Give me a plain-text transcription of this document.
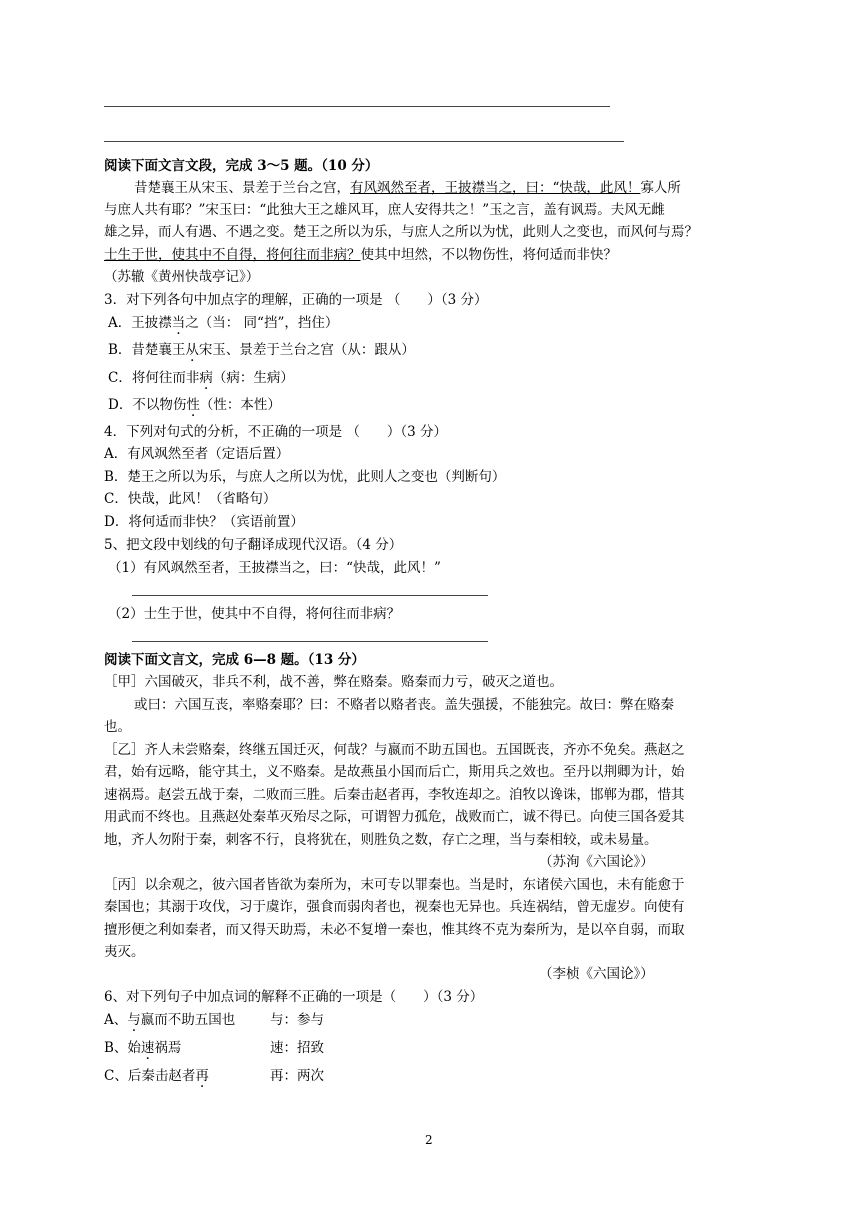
阅读下面文言文段，完成 3～5 题。（10 分）
昔楚襄王从宋玉、景差于兰台之宫，有风飒然至者，王披襟当之，曰：“快哉，此风！寡人所
与庶人共有耶？”宋玉曰：“此独大王之雄风耳，庶人安得共之！”玉之言，盖有讽焉。夫风无雌
雄之异，而人有遇、不遇之变。楚王之所以为乐，与庶人之所以为忧，此则人之变也，而风何与焉？
士生于世，使其中不自得，将何往而非病？使其中坦然，不以物伤性，将何适而非快？
（苏辙《黄州快哉亭记》）
3．对下列各句中加点字的理解，正确的一项是 （　　）（3 分）
A．王披襟当之（当： 同“挡”，挡住）
B．昔楚襄王从宋玉、景差于兰台之宫（从：跟从）
C．将何往而非病（病：生病）
D．不以物伤性（性：本性）
4．下列对句式的分析，不正确的一项是 （　　）（3 分）
A．有风飒然至者（定语后置）
B．楚王之所以为乐，与庶人之所以为忧，此则人之变也（判断句）
C．快哉，此风！（省略句）
D．将何适而非快？（宾语前置）
5、把文段中划线的句子翻译成现代汉语。（4 分）
（1）有风飒然至者，王披襟当之，曰：“快哉，此风！”
（2）士生于世，使其中不自得，将何往而非病？
阅读下面文言文，完成 6—8 题。（13 分）
［甲］六国破灭，非兵不利，战不善，弊在赂秦。赂秦而力亏，破灭之道也。
或曰：六国互丧，率赂秦耶？曰：不赂者以赂者丧。盖失强援，不能独完。故曰：弊在赂秦
也。
［乙］齐人未尝赂秦，终继五国迁灭，何哉？与嬴而不助五国也。五国既丧，齐亦不免矣。燕赵之
君，始有远略，能守其土，义不赂秦。是故燕虽小国而后亡，斯用兵之效也。至丹以荆卿为计，始
速祸焉。赵尝五战于秦，二败而三胜。后秦击赵者再，李牧连却之。洎牧以谗诛，邯郸为郡，惜其
用武而不终也。且燕赵处秦革灭殆尽之际，可谓智力孤危，战败而亡，诚不得已。向使三国各爱其
地，齐人勿附于秦，刺客不行，良将犹在，则胜负之数，存亡之理，当与秦相较，或未易量。
（苏洵《六国论》）
［丙］以余观之，彼六国者皆欲为秦所为，末可专以罪秦也。当是时，东诸侯六国也，未有能愈于
秦国也；其溺于攻伐，习于虞诈，强食而弱肉者也，视秦也无异也。兵连祸结，曾无虚岁。向使有
擅形便之利如秦者，而又得天助焉，未必不复增一秦也，惟其终不克为秦所为，是以卒自弱，而取
夷灭。
（李桢《六国论》）
6、对下列句子中加点词的解释不正确的一项是（　　）（3 分）
A、与嬴而不助五国也	与：参与
B、始速祸焉	速：招致
C、后秦击赵者再	再：两次
2
